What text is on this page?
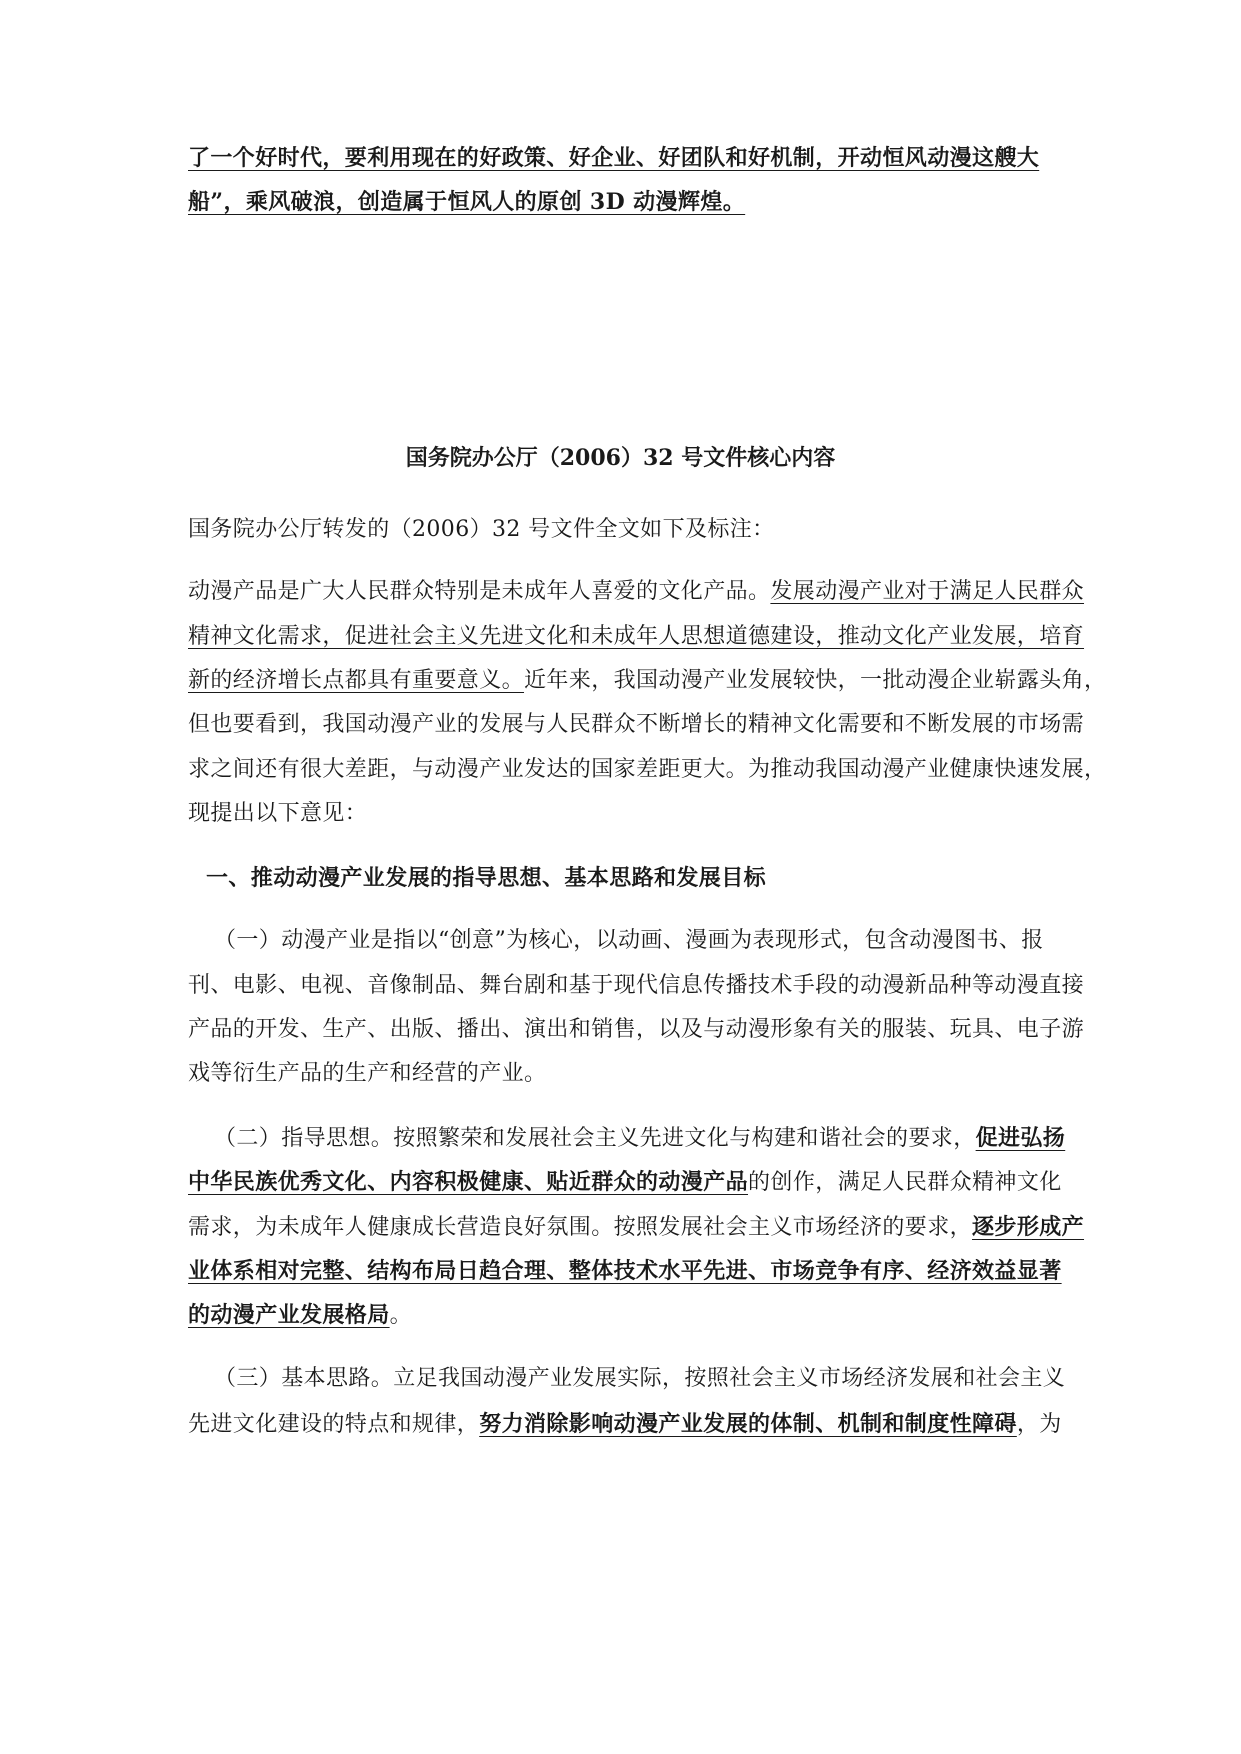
了一个好时代，要利用现在的好政策、好企业、好团队和好机制，开动恒风动漫这艘大
船”，乘风破浪，创造属于恒风人的原创 3D 动漫辉煌。
国务院办公厅（2006）32 号文件核心内容
国务院办公厅转发的（2006）32 号文件全文如下及标注：
动漫产品是广大人民群众特别是未成年人喜爱的文化产品。发展动漫产业对于满足人民群众
精神文化需求，促进社会主义先进文化和未成年人思想道德建设，推动文化产业发展，培育
新的经济增长点都具有重要意义。近年来，我国动漫产业发展较快，一批动漫企业崭露头角，
但也要看到，我国动漫产业的发展与人民群众不断增长的精神文化需要和不断发展的市场需
求之间还有很大差距，与动漫产业发达的国家差距更大。为推动我国动漫产业健康快速发展，
现提出以下意见：
一、推动动漫产业发展的指导思想、基本思路和发展目标
（一）动漫产业是指以“创意”为核心，以动画、漫画为表现形式，包含动漫图书、报
刊、电影、电视、音像制品、舞台剧和基于现代信息传播技术手段的动漫新品种等动漫直接
产品的开发、生产、出版、播出、演出和销售，以及与动漫形象有关的服装、玩具、电子游
戏等衍生产品的生产和经营的产业。
（二）指导思想。按照繁荣和发展社会主义先进文化与构建和谐社会的要求，促进弘扬
中华民族优秀文化、内容积极健康、贴近群众的动漫产品的创作，满足人民群众精神文化
需求，为未成年人健康成长营造良好氛围。按照发展社会主义市场经济的要求，逐步形成产
业体系相对完整、结构布局日趋合理、整体技术水平先进、市场竞争有序、经济效益显著
的动漫产业发展格局。
（三）基本思路。立足我国动漫产业发展实际，按照社会主义市场经济发展和社会主义
先进文化建设的特点和规律，努力消除影响动漫产业发展的体制、机制和制度性障碍，为
